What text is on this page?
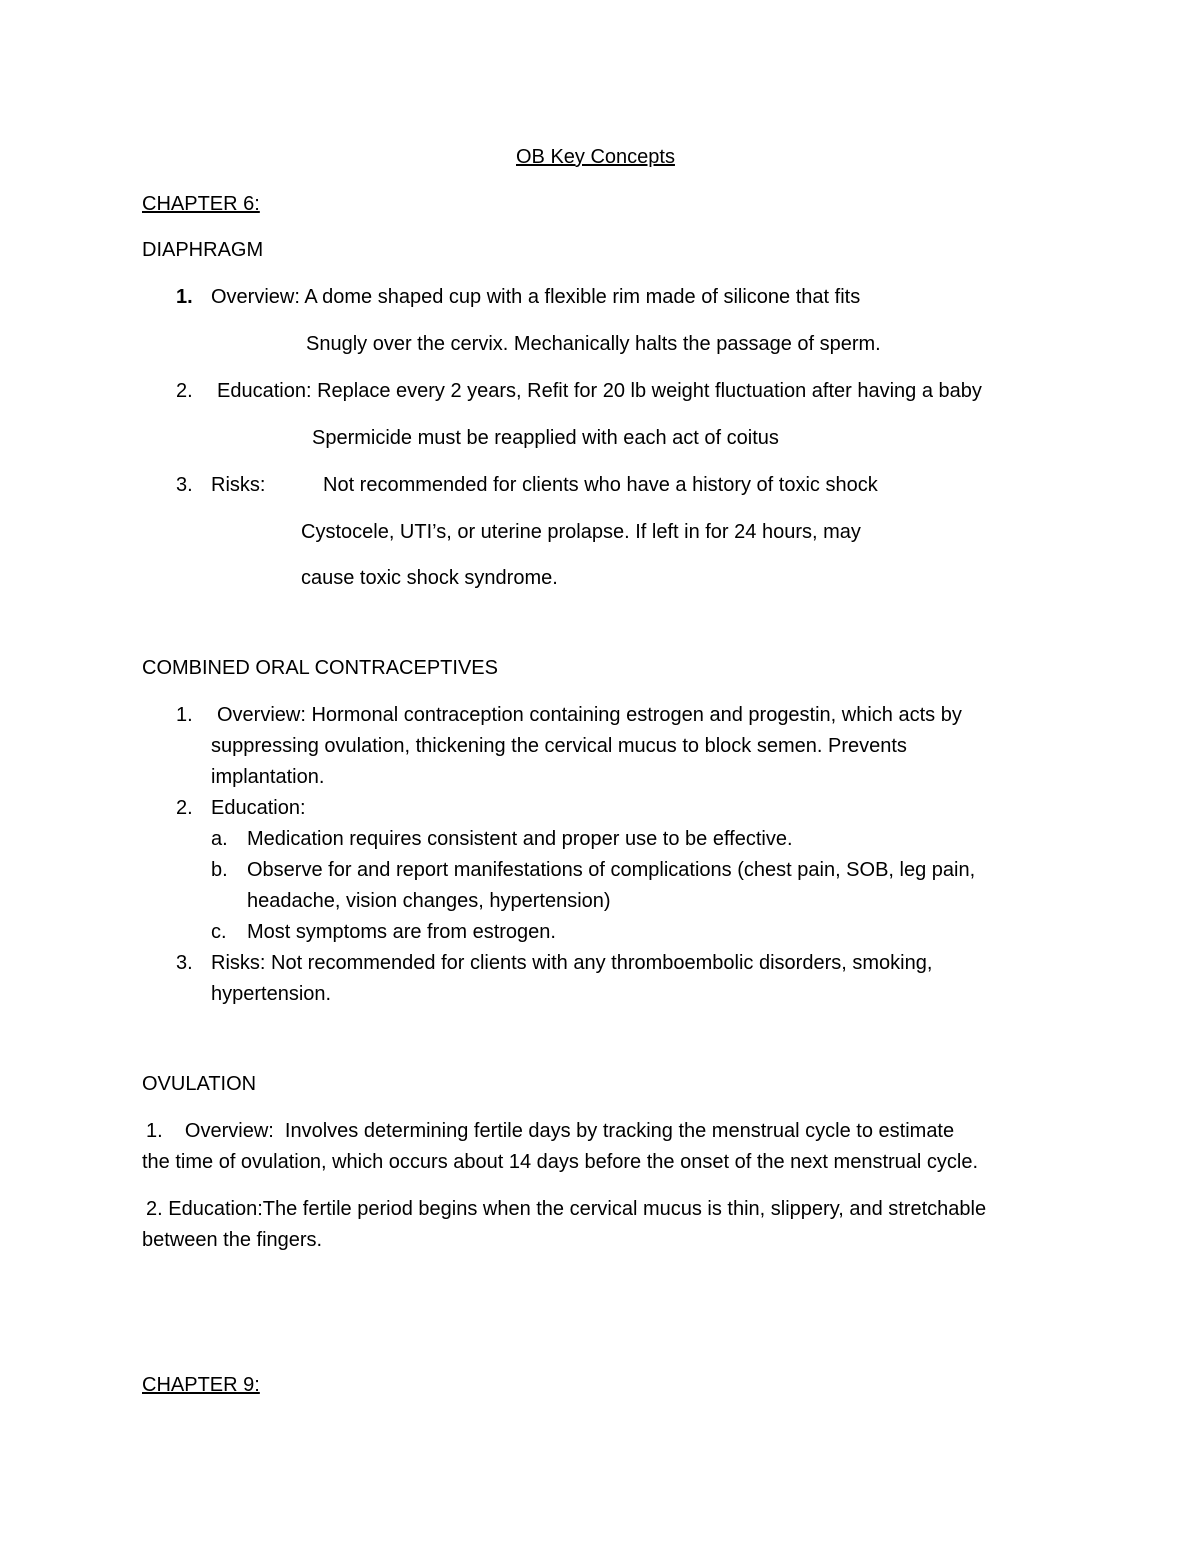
OB Key Concepts
CHAPTER 6:
DIAPHRAGM
1. Overview: A dome shaped cup with a flexible rim made of silicone that fits
Snugly over the cervix. Mechanically halts the passage of sperm.
2. Education: Replace every 2 years, Refit for 20 lb weight fluctuation after having a baby
Spermicide must be reapplied with each act of coitus
3. Risks:	Not recommended for clients who have a history of toxic shock
Cystocele, UTI’s, or uterine prolapse. If left in for 24 hours, may
cause toxic shock syndrome.
COMBINED ORAL CONTRACEPTIVES
1. Overview: Hormonal contraception containing estrogen and progestin, which acts by
suppressing ovulation, thickening the cervical mucus to block semen. Prevents
implantation.
2. Education:
a. Medication requires consistent and proper use to be effective.
b. Observe for and report manifestations of complications (chest pain, SOB, leg pain,
headache, vision changes, hypertension)
c. Most symptoms are from estrogen.
3. Risks: Not recommended for clients with any thromboembolic disorders, smoking,
hypertension.
OVULATION
1.    Overview:  Involves determining fertile days by tracking the menstrual cycle to estimate
the time of ovulation, which occurs about 14 days before the onset of the next menstrual cycle.
2. Education:The fertile period begins when the cervical mucus is thin, slippery, and stretchable
between the fingers.
CHAPTER 9:
